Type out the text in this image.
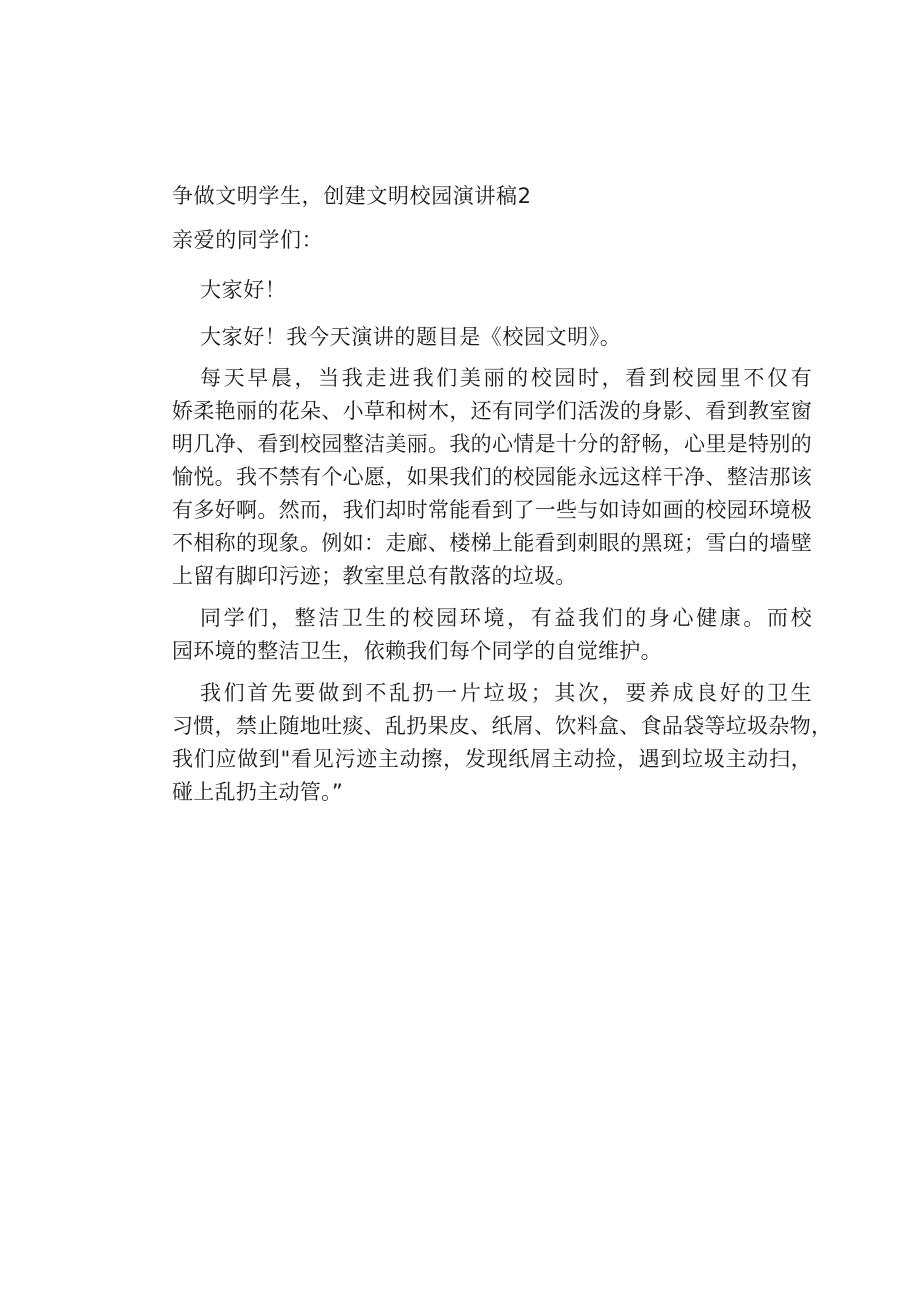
争做文明学生，创建文明校园演讲稿2

亲爱的同学们：

大家好！

大家好！我今天演讲的题目是《校园文明》。

每天早晨，当我走进我们美丽的校园时，看到校园里不仅有
娇柔艳丽的花朵、小草和树木，还有同学们活泼的身影、看到教室窗
明几净、看到校园整洁美丽。我的心情是十分的舒畅，心里是特别的
愉悦。我不禁有个心愿，如果我们的校园能永远这样干净、整洁那该
有多好啊。然而，我们却时常能看到了一些与如诗如画的校园环境极
不相称的现象。例如：走廊、楼梯上能看到刺眼的黑斑；雪白的墙壁
上留有脚印污迹；教室里总有散落的垃圾。
同学们，整洁卫生的校园环境，有益我们的身心健康。而校
园环境的整洁卫生，依赖我们每个同学的自觉维护。
我们首先要做到不乱扔一片垃圾；其次，要养成良好的卫生
习惯，禁止随地吐痰、乱扔果皮、纸屑、饮料盒、食品袋等垃圾杂物，
我们应做到"看见污迹主动擦，发现纸屑主动捡，遇到垃圾主动扫，
碰上乱扔主动管。”
